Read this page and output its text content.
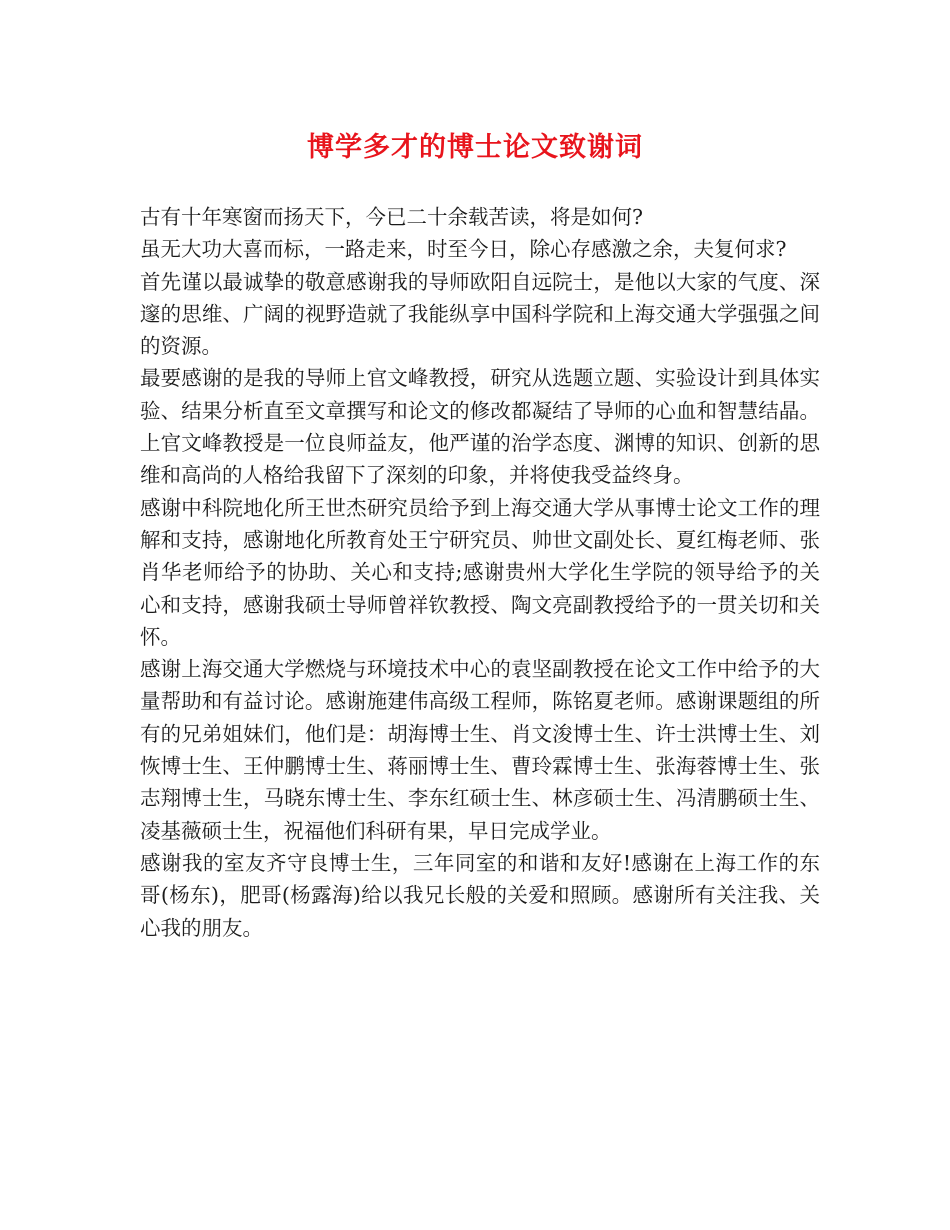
博学多才的博士论文致谢词

古有十年寒窗而扬天下，今已二十余载苦读，将是如何?

虽无大功大喜而标，一路走来，时至今日，除心存感激之余，夫复何求?

首先谨以最诚挚的敬意感谢我的导师欧阳自远院士，是他以大家的气度、深邃的思维、广阔的视野造就了我能纵享中国科学院和上海交通大学强强之间的资源。

最要感谢的是我的导师上官文峰教授，研究从选题立题、实验设计到具体实验、结果分析直至文章撰写和论文的修改都凝结了导师的心血和智慧结晶。上官文峰教授是一位良师益友，他严谨的治学态度、渊博的知识、创新的思维和高尚的人格给我留下了深刻的印象，并将使我受益终身。

感谢中科院地化所王世杰研究员给予到上海交通大学从事博士论文工作的理解和支持，感谢地化所教育处王宁研究员、帅世文副处长、夏红梅老师、张肖华老师给予的协助、关心和支持;感谢贵州大学化生学院的领导给予的关心和支持，感谢我硕士导师曾祥钦教授、陶文亮副教授给予的一贯关切和关怀。

感谢上海交通大学燃烧与环境技术中心的袁坚副教授在论文工作中给予的大量帮助和有益讨论。感谢施建伟高级工程师，陈铭夏老师。感谢课题组的所有的兄弟姐妹们，他们是：胡海博士生、肖文浚博士生、许士洪博士生、刘恢博士生、王仲鹏博士生、蒋丽博士生、曹玲霖博士生、张海蓉博士生、张志翔博士生，马晓东博士生、李东红硕士生、林彦硕士生、冯清鹏硕士生、凌基薇硕士生，祝福他们科研有果，早日完成学业。

感谢我的室友齐守良博士生，三年同室的和谐和友好!感谢在上海工作的东哥(杨东)，肥哥(杨露海)给以我兄长般的关爱和照顾。感谢所有关注我、关心我的朋友。
